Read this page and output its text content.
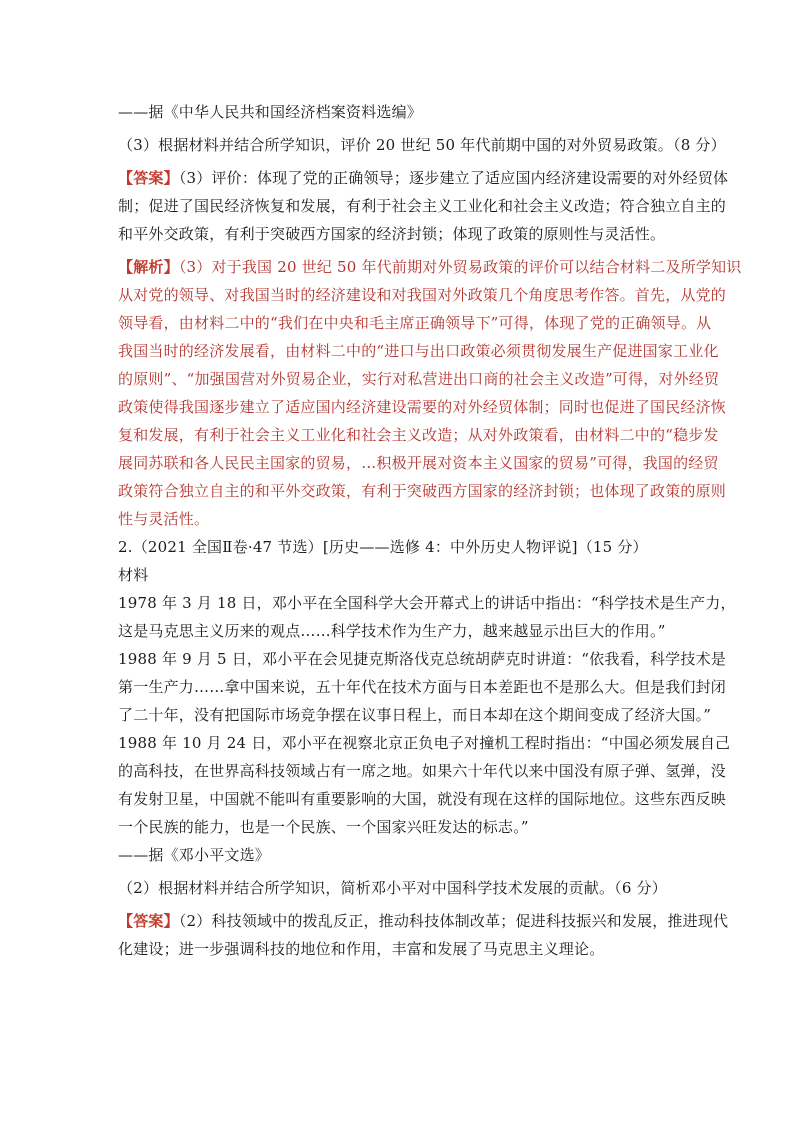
——据《中华人民共和国经济档案资料选编》
（3）根据材料并结合所学知识，评价 20 世纪 50 年代前期中国的对外贸易政策。（8 分）
【答案】（3）评价：体现了党的正确领导；逐步建立了适应国内经济建设需要的对外经贸体
制；促进了国民经济恢复和发展，有利于社会主义工业化和社会主义改造；符合独立自主的
和平外交政策，有利于突破西方国家的经济封锁；体现了政策的原则性与灵活性。
【解析】（3）对于我国 20 世纪 50 年代前期对外贸易政策的评价可以结合材料二及所学知识
从对党的领导、对我国当时的经济建设和对我国对外政策几个角度思考作答。首先，从党的
领导看，由材料二中的“我们在中央和毛主席正确领导下”可得，体现了党的正确领导。从
我国当时的经济发展看，由材料二中的“进口与出口政策必须贯彻发展生产促进国家工业化
的原则”、“加强国营对外贸易企业，实行对私营进出口商的社会主义改造”可得，对外经贸
政策使得我国逐步建立了适应国内经济建设需要的对外经贸体制；同时也促进了国民经济恢
复和发展，有利于社会主义工业化和社会主义改造；从对外政策看，由材料二中的“稳步发
展同苏联和各人民民主国家的贸易，…积极开展对资本主义国家的贸易”可得，我国的经贸
政策符合独立自主的和平外交政策，有利于突破西方国家的经济封锁；也体现了政策的原则
性与灵活性。
2.（2021 全国Ⅱ卷·47 节选）[历史——选修 4：中外历史人物评说]（15 分）
材料
1978 年 3 月 18 日，邓小平在全国科学大会开幕式上的讲话中指出：“科学技术是生产力，
这是马克思主义历来的观点……科学技术作为生产力，越来越显示出巨大的作用。”
1988 年 9 月 5 日，邓小平在会见捷克斯洛伐克总统胡萨克时讲道：“依我看，科学技术是
第一生产力……拿中国来说，五十年代在技术方面与日本差距也不是那么大。但是我们封闭
了二十年，没有把国际市场竞争摆在议事日程上，而日本却在这个期间变成了经济大国。”
1988 年 10 月 24 日，邓小平在视察北京正负电子对撞机工程时指出：“中国必须发展自己
的高科技，在世界高科技领域占有一席之地。如果六十年代以来中国没有原子弹、氢弹，没
有发射卫星，中国就不能叫有重要影响的大国，就没有现在这样的国际地位。这些东西反映
一个民族的能力，也是一个民族、一个国家兴旺发达的标志。”
——据《邓小平文选》
（2）根据材料并结合所学知识，简析邓小平对中国科学技术发展的贡献。（6 分）
【答案】（2）科技领域中的拨乱反正，推动科技体制改革；促进科技振兴和发展，推进现代
化建设；进一步强调科技的地位和作用，丰富和发展了马克思主义理论。
